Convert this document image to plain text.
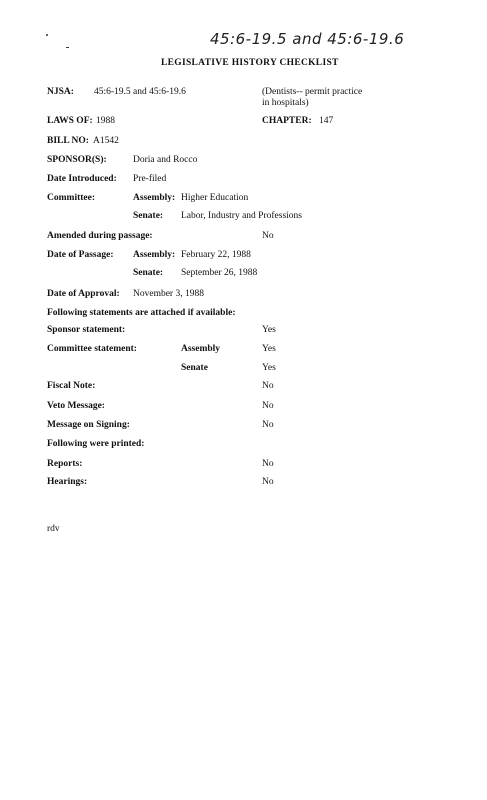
45:6-19.5 and 45:6-19.6
LEGISLATIVE HISTORY CHECKLIST
NJSA: 45:6-19.5 and 45:6-19.6	(Dentists-- permit practice
in hospitals)
LAWS OF: 1988	CHAPTER: 147
BILL NO: A1542
SPONSOR(S):	Doria and Rocco
Date Introduced: Pre-filed
Committee:	Assembly: Higher Education
Senate: Labor, Industry and Professions
Amended during passage:	No
Date of Passage: Assembly: February 22, 1988
Senate: September 26, 1988
Date of Approval: November 3, 1988
Following statements are attached if available:
Sponsor statement:	Yes
Committee statement:	Assembly	Yes
Senate	Yes
Fiscal Note:	No
Veto Message:	No
Message on Signing:	No
Following were printed:
Reports:	No
Hearings:	No
rdv
